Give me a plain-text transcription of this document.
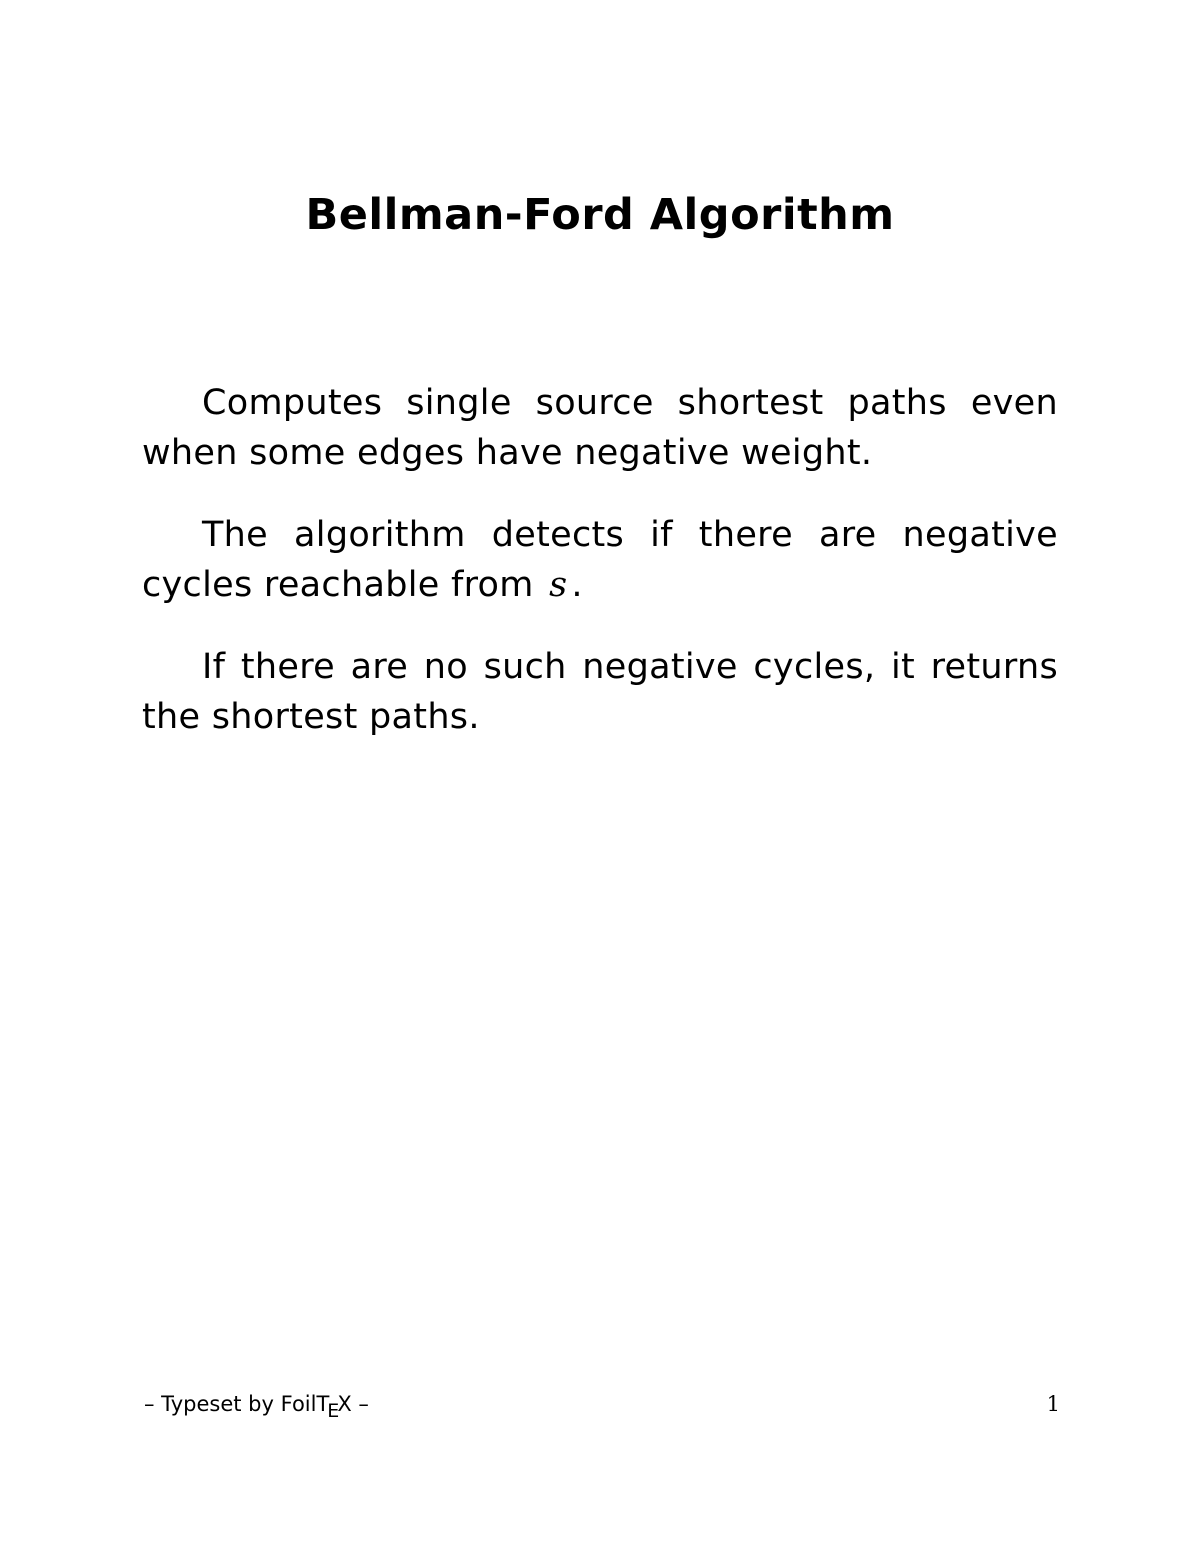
Bellman-Ford Algorithm

Computes single source shortest paths even when some edges have negative weight.

The algorithm detects if there are negative cycles reachable from s .

If there are no such negative cycles, it returns the shortest paths.

– Typeset by FoilTEX –	1
